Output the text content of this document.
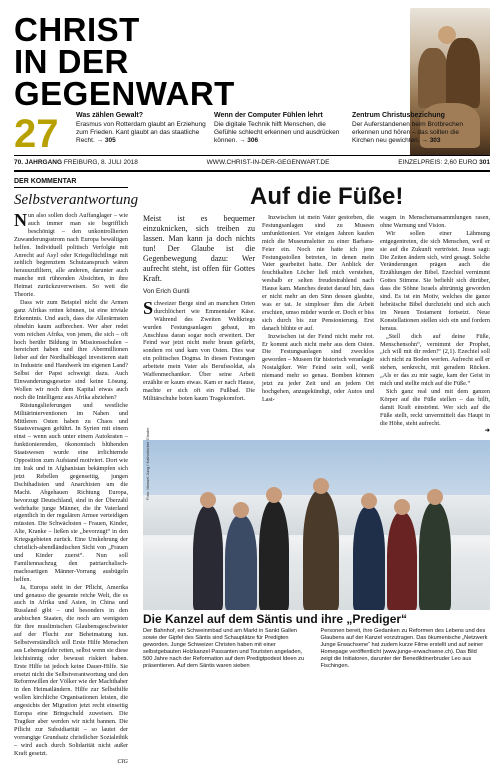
CHRIST
IN DER GEGENWART
27	Was zählen Gewalt?
Erasmus von Rotterdam glaubt an Erziehung zum Frieden. Kant glaubt an das staatliche Recht. → 305
Wenn der Computer Fühlen lehrt
Die digitale Technik hilft Menschen, die Gefühle schlecht erkennen und ausdrücken können. → 306
Zentrum Christusbezichung
Der Auferstandenen beim Brotbrechen erkennen und hören – das sollten die Kirchen neu gewichten. → 303
70. JAHRGANG FREIBURG, 8. JULI 2018	WWW.CHRIST-IN-DER-GEGENWART.DE	EINZELPREIS: 2,60 EURO 301
DER KOMMENTAR
Selbstverantwortung

Nun also sollen doch Auffanglager – wie auch immer man sie begrifflich beschönigt – den unkontrollierten Zuwanderungsstrom nach Europa bewältigen helfen. Individuell politisch Verfolgte mit Anrecht auf Asyl oder Kriegsflüchtlinge mit zeitlich begrenztem Schutzanspruch wären herauszufiltern, alle anderen, darunter auch manche mit rührenden Absichten, in ihre Heimat zurückzuverweisen. So weit die Theorie.

Dass wir zum Beispiel nicht die Armen ganz Afrikas retten können, ist eine triviale Erkenntnis. Und auch, dass die Allerärmsten ohnehin kaum aufbrechen. Wer aber redet vom reichen Afrika, von jenen, die sich – oft hoch berühr Bildung in Missionsschulen – bereichert haben und ihre Abermillionen lieber auf der Nordhalbkugel investieren statt in Industrie und Handwerk im eigenen Land? Selbst der Papst schweigt dazu. Auch Einwanderungsgesetze sind keine Lösung. Wollen wir noch dem Kapital etwas auch noch die Intelligenz aus Afrika abziehen?

Rüstungslieferungen und westliche Militärinterventionen im Nahen und Mittleren Osten haben zu Chaos und Staatsversagen geführt. In Syrien mit einem einst – wenn auch unter einem Autokraten – funktionierenden, ökonomisch blühenden Staatswesen wurde eine irrlichternde Opposition zum Aufstand motiviert. Dort wie im Irak und in Afghanistan bekämpfen sich jetzt Rebellen gegenseitig, jungen Dschihadisten und Anarchisten um die Macht. Abgehauen Richtung Europa, bevorzugt Deutschland, sind in der Überzahl wehrhafte junge Männer, die ihr Vaterland eigentlich in der regulären Armee verteidigen müssten. Die Schwächsten – Frauen, Kinder, Alte, Kranke – ließen sie „bevorzugt“ in den Kriegsgebieten zurück. Eine Umkehrung der christlich-abendländischen Sicht von „Frauen und Kinder zuerst“. Nun soll Familiennachzug den patriarchalisch-machoartigen Männer-Vorrang ausbügeln helfen.

Ja, Europa steht in der Pflicht, Amerika und genauso die gesamte reiche Welt, die es auch in Afrika und Asien, in China und Russland gibt – und besonders in den arabischen Staaten, die noch am wenigsten für ihre muslimischen Glaubensgeschwister auf der Flucht zur Beheimatung tun. Selbstverständlich soll Erste Hilfe Menschen aus Lebensgefahr retten, selbst wenn sie diese leichtsinnig oder bewusst riskiert haben. Erste Hilfe ist jedoch keine Dauer-Hilfe. Sie ersetzt nicht die Selbstverantwortung und den Reformwillen der Völker wie der Machthaber in den Heimatländern. Hilfe zur Selbsthilfe wollen kirchliche Organisationen leisten, die angesichts der Migration jetzt recht einseitig Europa eine Bringschuld zuweisen. Die Tragiker aber werden wir nicht bannen. Die Pflicht zur Subsidiarität – so lautet der vorrangige Grundsatz christlicher Sozialethik – wird auch durch Solidarität nicht außer Kraft gesetzt.

CIG

Auf die Füße!

Meist ist es bequemer einzuknicken, sich treiben zu lassen. Man kann ja doch nichts tun! Der Glaube ist die Gegenbewegung dazu: Wer aufrecht steht, ist offen für Gottes Kraft.

Von Erich Guntli

Schweizer Berge sind an manchen Orten durchlöchert wie Emmentaler Käse. Während des Zweiten Weltkriegs wurden Festungsanlagen gebaut, im Anschluss daran sogar noch erweitert. Der Feind war jetzt nicht mehr braun gefärbt, sondern rot und kam von Osten. Dies war ein politisches Dogma. In diesen Festungen arbeitete mein Vater als Berufssoldat, als Waffenmechaniker. Über seine Arbeit erzählte er kaum etwas. Kam er nach Hause, machte er sich oft ein Fußbad. Die Militärschuhe boten kaum Tragekomfort.

Inzwischen ist mein Vater gestorben, die Festungsanlagen sind zu Museen umfunktioniert. Vor einigen Jahren kaufen mich die Museumsleiter zu einer Barbara-Feier ein. Noch nie hatte ich jene Festungsstollen betreten, in denen mein Vater gearbeitet hatte. Der Anblick der feuchtkalten Löcher ließ mich verstehen, weshalb er selten freudestrahlend nach Hause kam. Manches deutet darauf hin, dass er nicht mehr an den Sinn dessen glaubte, was er tat. Je simploser ihm die Arbeit erschien, umso müder wurde er. Doch er biss sich durch bis zur Pensionierung. Erst danach blühte er auf.

Inzwischen ist der Feind nicht mehr rot. Er kommt auch nicht mehr aus dem Osten. Die Festungsanlagen sind zwecklos geworden – Museen für historisch veranlagte Nostalgiker. Wer Feind sein soll, weiß niemand mehr so genau. Bomben können jetzt zu jeder Zeit und an jedem Ort hochgehen, anzugekündigt, oder Autos und Last-

wagen in Menschenansammlungen rasen, ohne Warnung und Vision.

Wir sollen einer Lähmung entgegentreten, die sich Menschen, weil er sie auf die Zukunft vertröstet. Jesus sagt: Die Zeiten ändern sich, wird gesagt. Solche Veränderungen prägen auch die Erzählungen der Bibel. Ezechiel vernimmt Gottes Stimme. Sie befiehlt sich dürüber, dass die Söhne Israels abtrünnig geworden sind. Es ist ein Motiv, welches die ganze hebräische Bibel durchzieht und sich auch im Neuen Testament fortsetzt. Neue Konstellationen stellen sich ein und fordern heraus.

„Stell dich auf deine Füße, Menschensohn“, vernimmt der Prophet, „ich will mit dir reden!“ (2,1). Ezechiel soll sich nicht zu Boden werfen. Aufrecht soll er stehen, senkrecht, mit geradem Rücken. „Als er das zu mir sagte, kam der Geist in mich und stellte mich auf die Füße.“

Sich ganz real und mit dem ganzen Körper auf die Füße stellen – das hilft, damit Kraft einströmt. Wer sich auf die Füße stellt, reckt unvermittelt das Haupt in die Höhe, steht aufrecht.

➜

Foto: Manuel Jung / Katholischer Glaube
Die Kanzel auf dem Säntis und ihre „Prediger“
Der Bahnhof, ein Schweinmbad und am Markt in Sankt Gallen sowie der Gipfel des Säntis sind Schauplätze für Predigten geworden. Junge Schweizer Christen haben mit einer selbstgebauten Holzkanzel Passanten und Touristen angeladen, 500 Jahre nach der Reformation auf dem Predigtpodest Ideen zu präsentieren. Auf dem Säntis waren sieben
Personen bereit, ihre Gedanken zu Reformen des Lebens und des Glaubens auf der Kanzel vorzutragen. Das ökumenische „Netzwerk Junge Erwachsene“ hat zudem kurze Filme erstellt und auf seiner Homepage veröffentlicht (www.junge-erwachsene.ch). Das Bild zeigt die Initiatoren, darunter der Benediktinerbruder Leo aus Fischingen.
